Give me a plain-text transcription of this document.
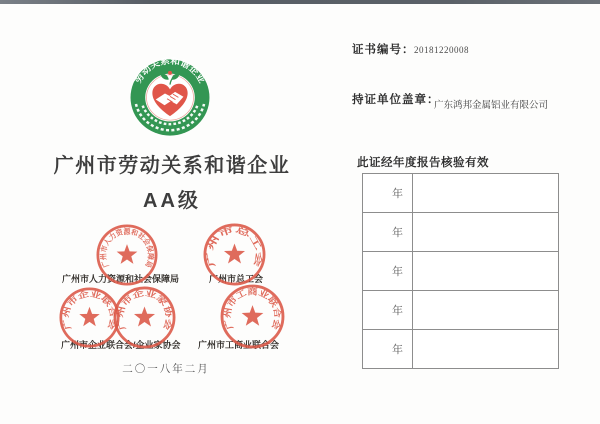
劳动关系和谐企业
广州市劳动关系和谐企业
AA级
广州市人力资源和社会保障局	广州市总工会
广州市企业联合会/企业家协会 广州市工商业联合会
广州市人力资源和社会保障局	广州市总工会
广州市企业联合会
广州市企业家协会	广州市工商业联合会
二〇一八年二月
证书编号： 20181220008
持证单位盖章：
广东鸿邦金属铝业有限公司
此证经年度报告核验有效
年
年
年
年
年
